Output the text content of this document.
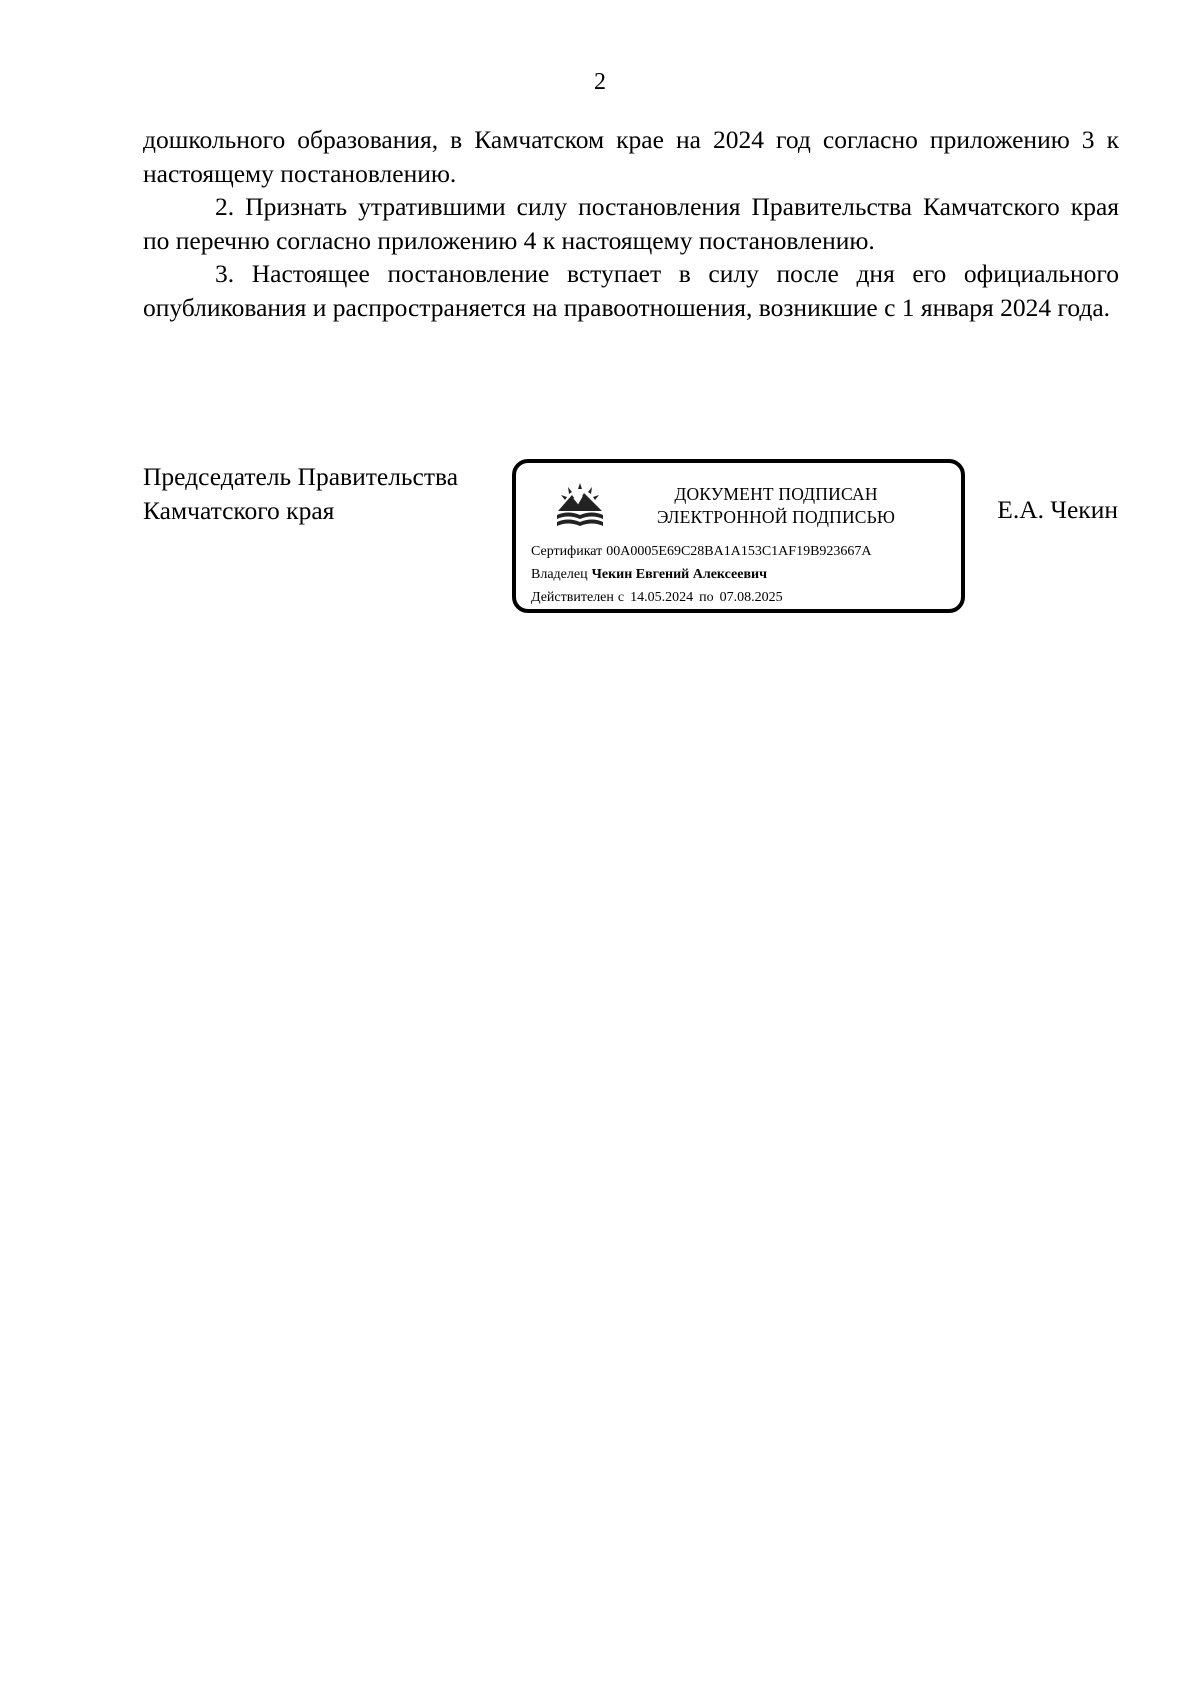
2

дошкольного образования, в Камчатском крае на 2024 год согласно приложению 3 к настоящему постановлению.

2. Признать утратившими силу постановления Правительства Камчатского края по перечню согласно приложению 4 к настоящему постановлению.

3. Настоящее постановление вступает в силу после дня его официального опубликования и распространяется на правоотношения, возникшие с 1 января 2024 года.

Председатель Правительства
Камчатского края
ДОКУМЕНТ ПОДПИСАН
ЭЛЕКТРОННОЙ ПОДПИСЬЮ
Сертификат 00A0005E69C28BA1A153C1AF19B923667A
Владелец Чекин Евгений Алексеевич
Действителен с 14.05.2024 по 07.08.2025
Е.А. Чекин
